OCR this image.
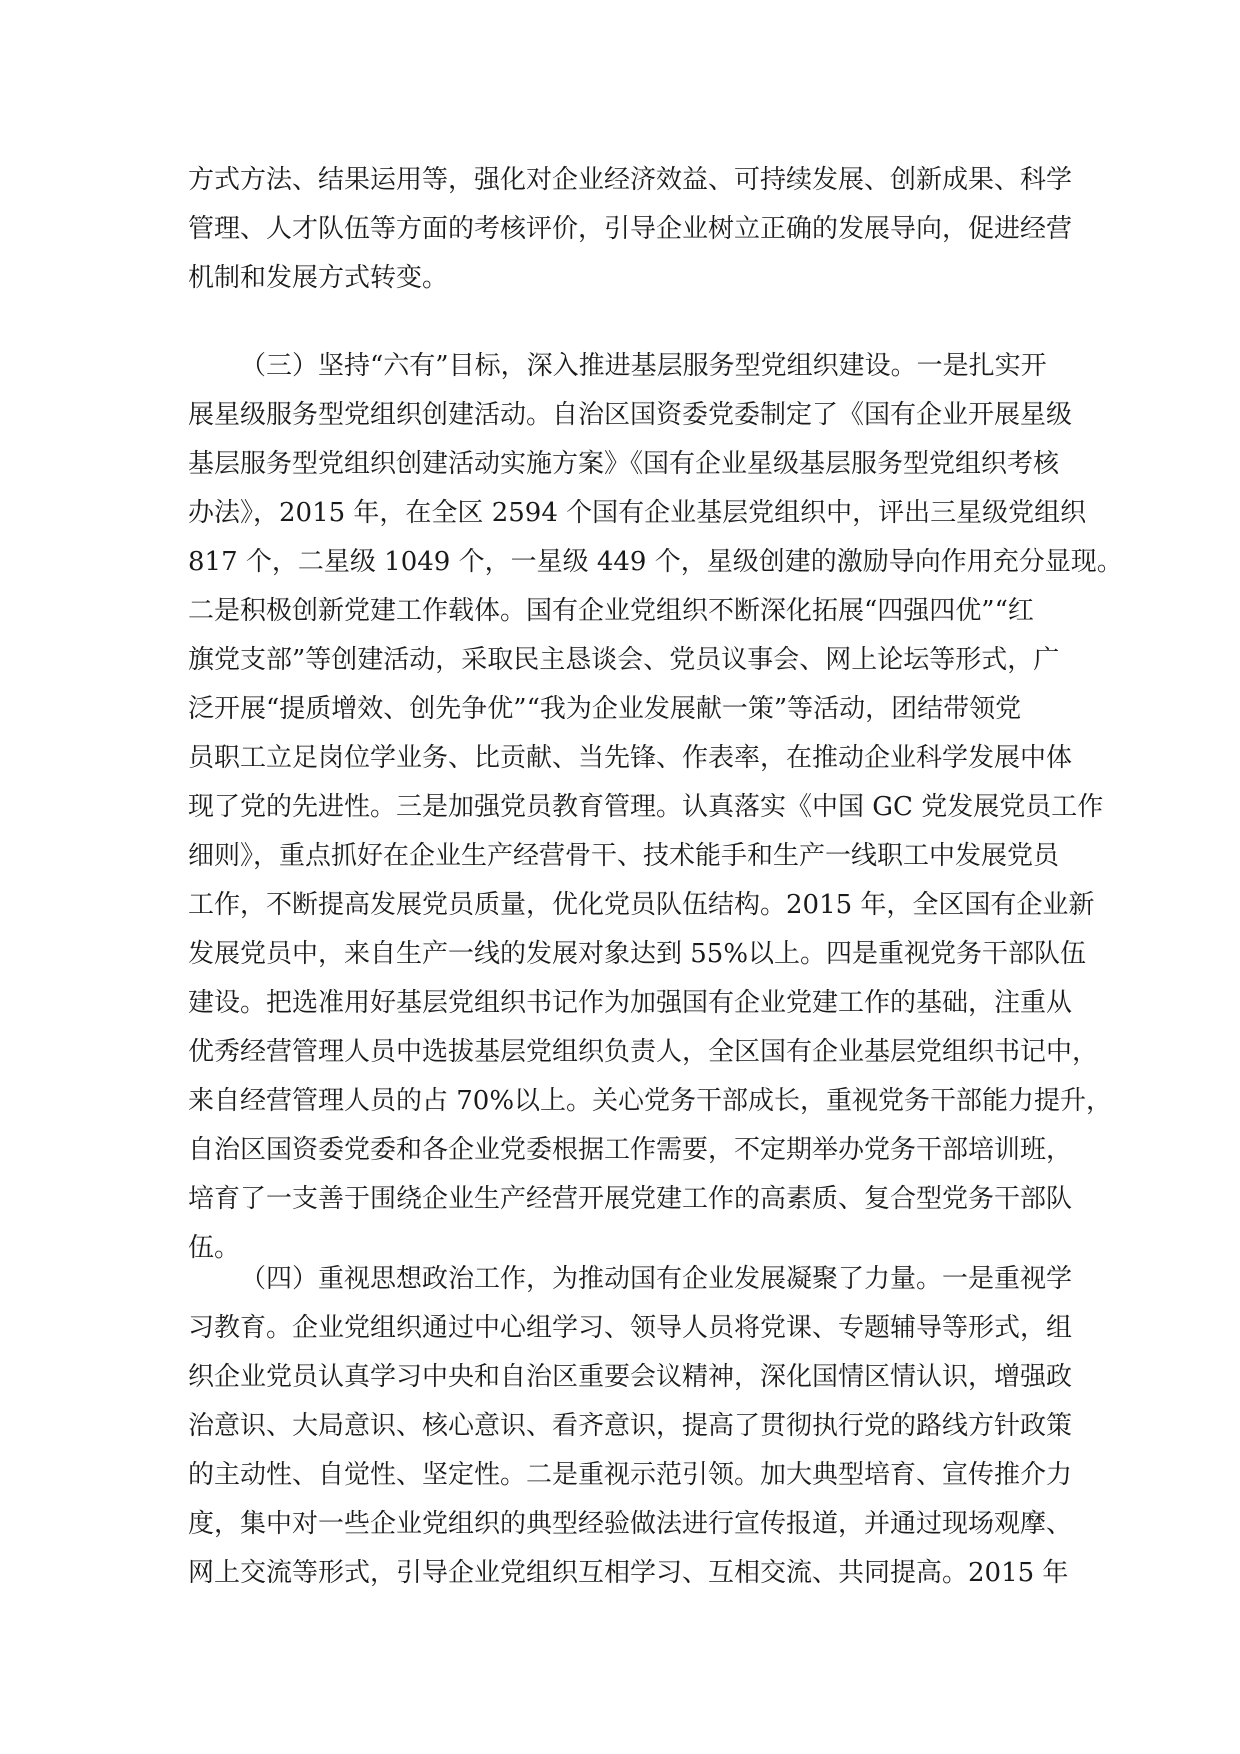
方式方法、结果运用等，强化对企业经济效益、可持续发展、创新成果、科学
管理、人才队伍等方面的考核评价，引导企业树立正确的发展导向，促进经营
机制和发展方式转变。
（三）坚持“六有”目标，深入推进基层服务型党组织建设。一是扎实开
展星级服务型党组织创建活动。自治区国资委党委制定了《国有企业开展星级
基层服务型党组织创建活动实施方案》《国有企业星级基层服务型党组织考核
办法》，2015 年，在全区 2594 个国有企业基层党组织中，评出三星级党组织
817 个，二星级 1049 个，一星级 449 个，星级创建的激励导向作用充分显现。
二是积极创新党建工作载体。国有企业党组织不断深化拓展“四强四优”“红
旗党支部”等创建活动，采取民主恳谈会、党员议事会、网上论坛等形式，广
泛开展“提质增效、创先争优”“我为企业发展献一策”等活动，团结带领党
员职工立足岗位学业务、比贡献、当先锋、作表率，在推动企业科学发展中体
现了党的先进性。三是加强党员教育管理。认真落实《中国 GC 党发展党员工作
细则》，重点抓好在企业生产经营骨干、技术能手和生产一线职工中发展党员
工作，不断提高发展党员质量，优化党员队伍结构。2015 年，全区国有企业新
发展党员中，来自生产一线的发展对象达到 55%以上。四是重视党务干部队伍
建设。把选准用好基层党组织书记作为加强国有企业党建工作的基础，注重从
优秀经营管理人员中选拔基层党组织负责人，全区国有企业基层党组织书记中，
来自经营管理人员的占 70%以上。关心党务干部成长，重视党务干部能力提升，
自治区国资委党委和各企业党委根据工作需要，不定期举办党务干部培训班，
培育了一支善于围绕企业生产经营开展党建工作的高素质、复合型党务干部队
伍。
（四）重视思想政治工作，为推动国有企业发展凝聚了力量。一是重视学
习教育。企业党组织通过中心组学习、领导人员将党课、专题辅导等形式，组
织企业党员认真学习中央和自治区重要会议精神，深化国情区情认识，增强政
治意识、大局意识、核心意识、看齐意识，提高了贯彻执行党的路线方针政策
的主动性、自觉性、坚定性。二是重视示范引领。加大典型培育、宣传推介力
度，集中对一些企业党组织的典型经验做法进行宣传报道，并通过现场观摩、
网上交流等形式，引导企业党组织互相学习、互相交流、共同提高。2015 年
